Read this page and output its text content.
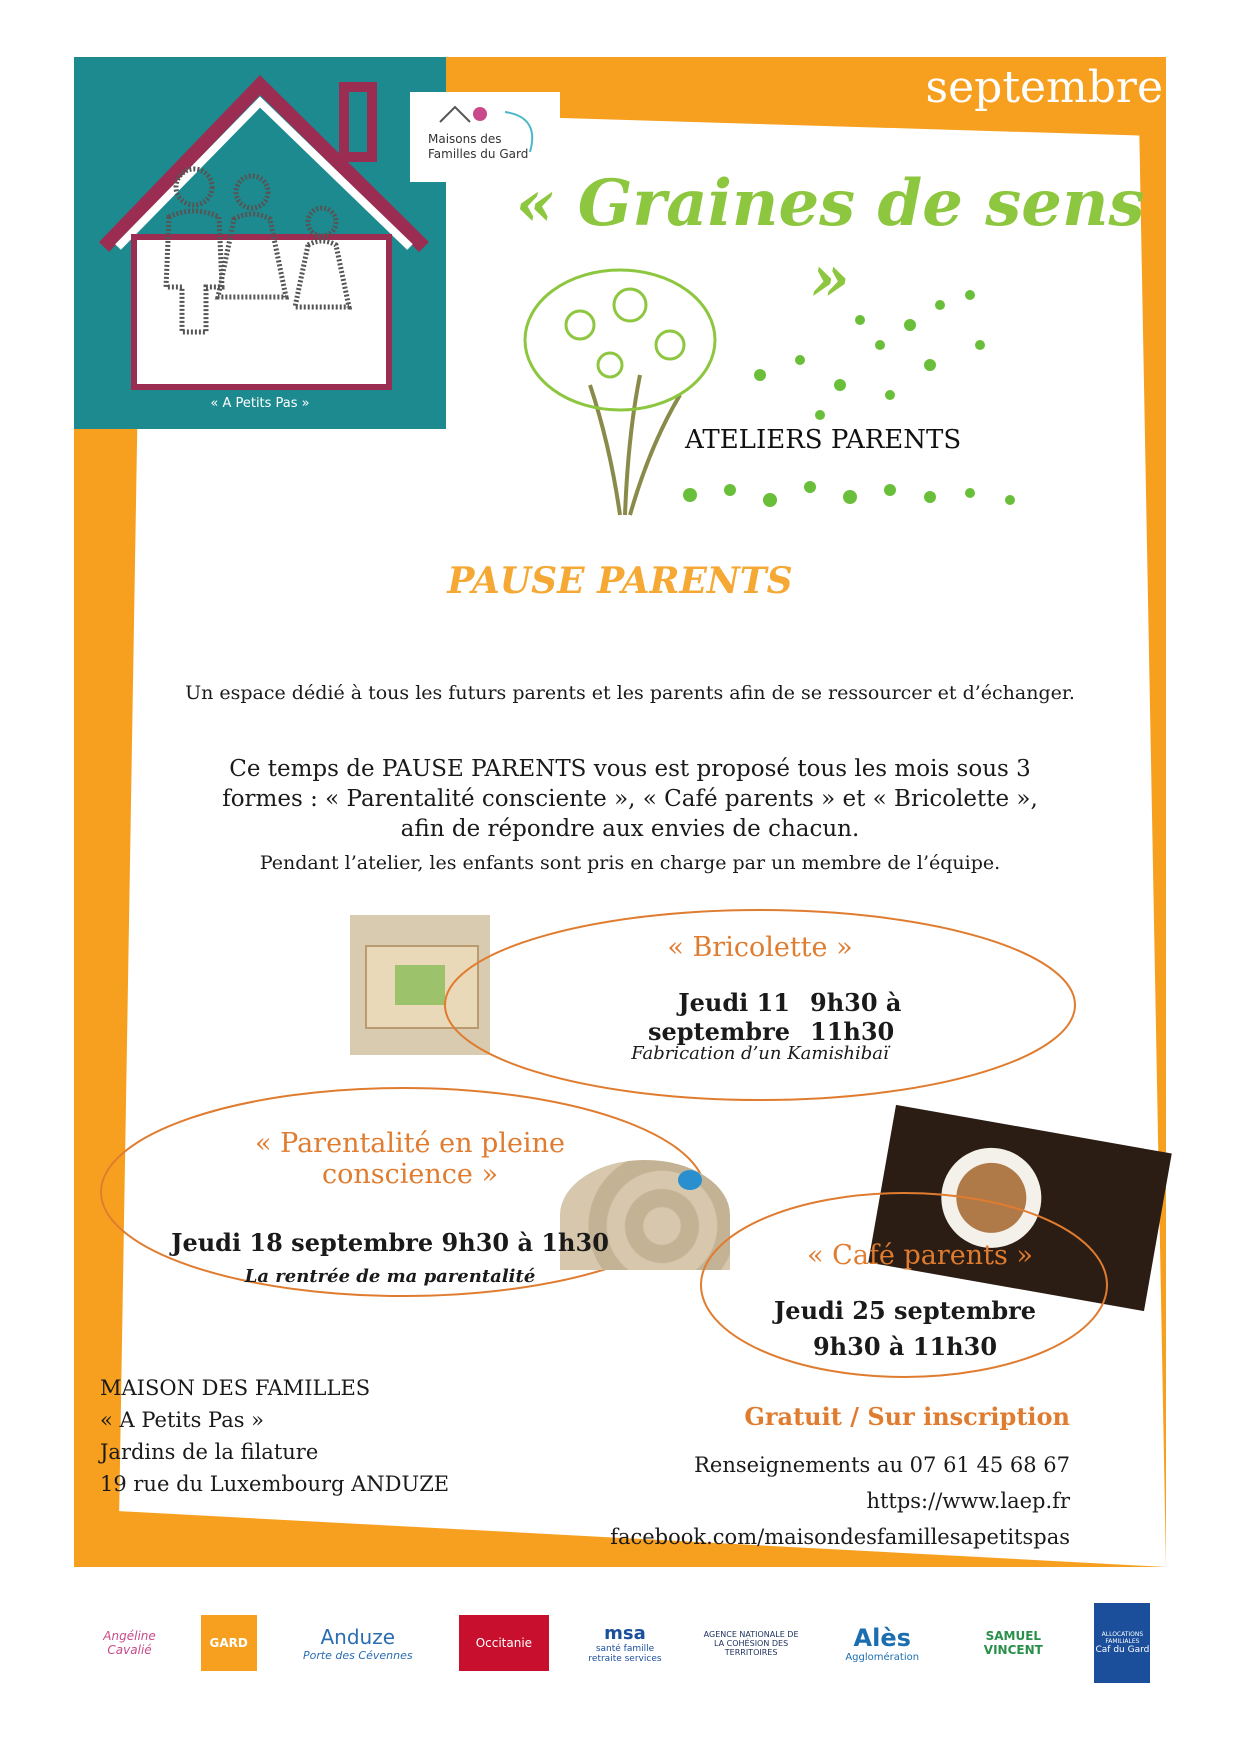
septembre
MAISON DES FAMILLES
« A Petits Pas »
Maisons des
Familles du Gard
« Graines de sens »
ATELIERS PARENTS
PAUSE PARENTS
Un espace dédié à tous les futurs parents et les parents afin de se ressourcer et d’échanger.
Ce temps de PAUSE PARENTS vous est proposé tous les mois sous 3
formes : « Parentalité consciente », « Café parents » et « Bricolette »,
afin de répondre aux envies de chacun.
Pendant l’atelier, les enfants sont pris en charge par un membre de l’équipe.
« Bricolette »
Jeudi 11 septembre
9h30 à 11h30
Fabrication d’un Kamishibaï
« Parentalité en pleine
conscience »
Jeudi 18 septembre 9h30 à 1h30
La rentrée de ma parentalité
« Café parents »
Jeudi 25 septembre
9h30 à 11h30
MAISON DES FAMILLES
« A Petits Pas »
Jardins de la filature
19 rue du Luxembourg ANDUZE
Gratuit / Sur inscription
Renseignements au 07 61 45 68 67
https://www.laep.fr
facebook.com/maisondesfamillesapetitspas
Angéline Cavalié	GARD	Anduze
Porte des Cévennes
Occitanie	msa
santé famille retraite services
AGENCE NATIONALE DE LA COHÉSION DES TERRITOIRES
Alès
Agglomération
SAMUEL VINCENT
ALLOCATIONS FAMILIALES
Caf du Gard
